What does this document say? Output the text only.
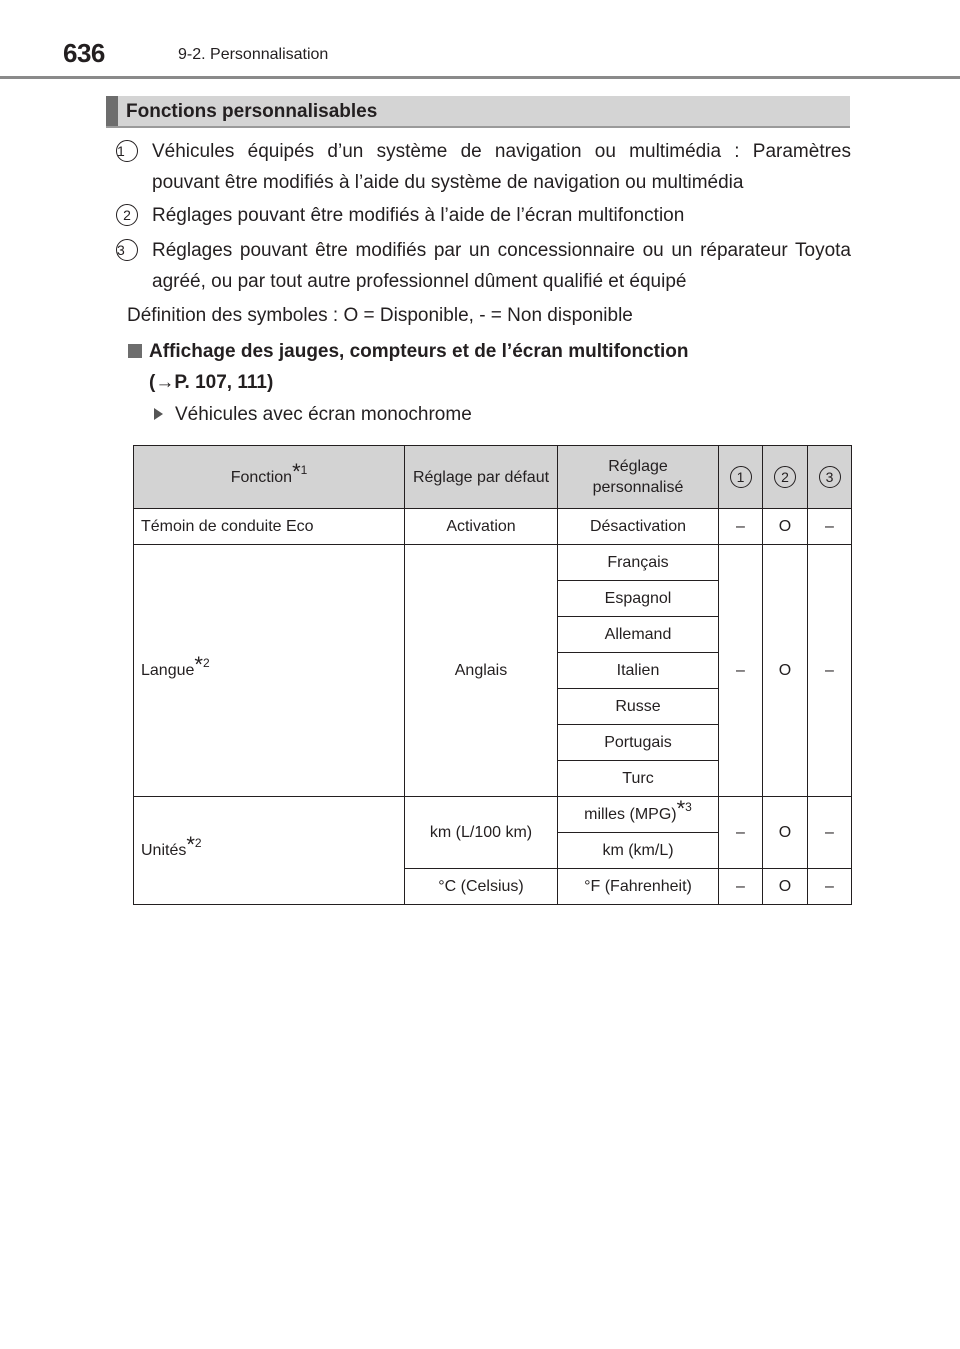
636	9-2. Personnalisation
Fonctions personnalisables
1	Véhicules équipés d’un système de navigation ou multimédia : Paramètres pouvant être modifiés à l’aide du système de navigation ou multimédia
2	Réglages pouvant être modifiés à l’aide de l’écran multifonction
3	Réglages pouvant être modifiés par un concessionnaire ou un réparateur Toyota agréé, ou par tout autre professionnel dûment qualifié et équipé
Définition des symboles : O = Disponible, - = Non disponible
Affichage des jauges, compteurs et de l’écran multifonction
(→P. 107, 111)
Véhicules avec écran monochrome
Fonction*$^1$	Réglage par défaut	Réglage personnalisé	1	2	3
Témoin de conduite Eco	Activation	Désactivation	–	O	–
Langue*$^2$	Anglais	Français	–	O	–
		Espagnol			
		Allemand			
		Italien			
		Russe			
		Portugais			
		Turc			
Unités*$^2$	km (L/100 km)	milles (MPG)*$^3$	–	O	–
		km (km/L)			
	°C (Celsius)	°F (Fahrenheit)	–	O	–
